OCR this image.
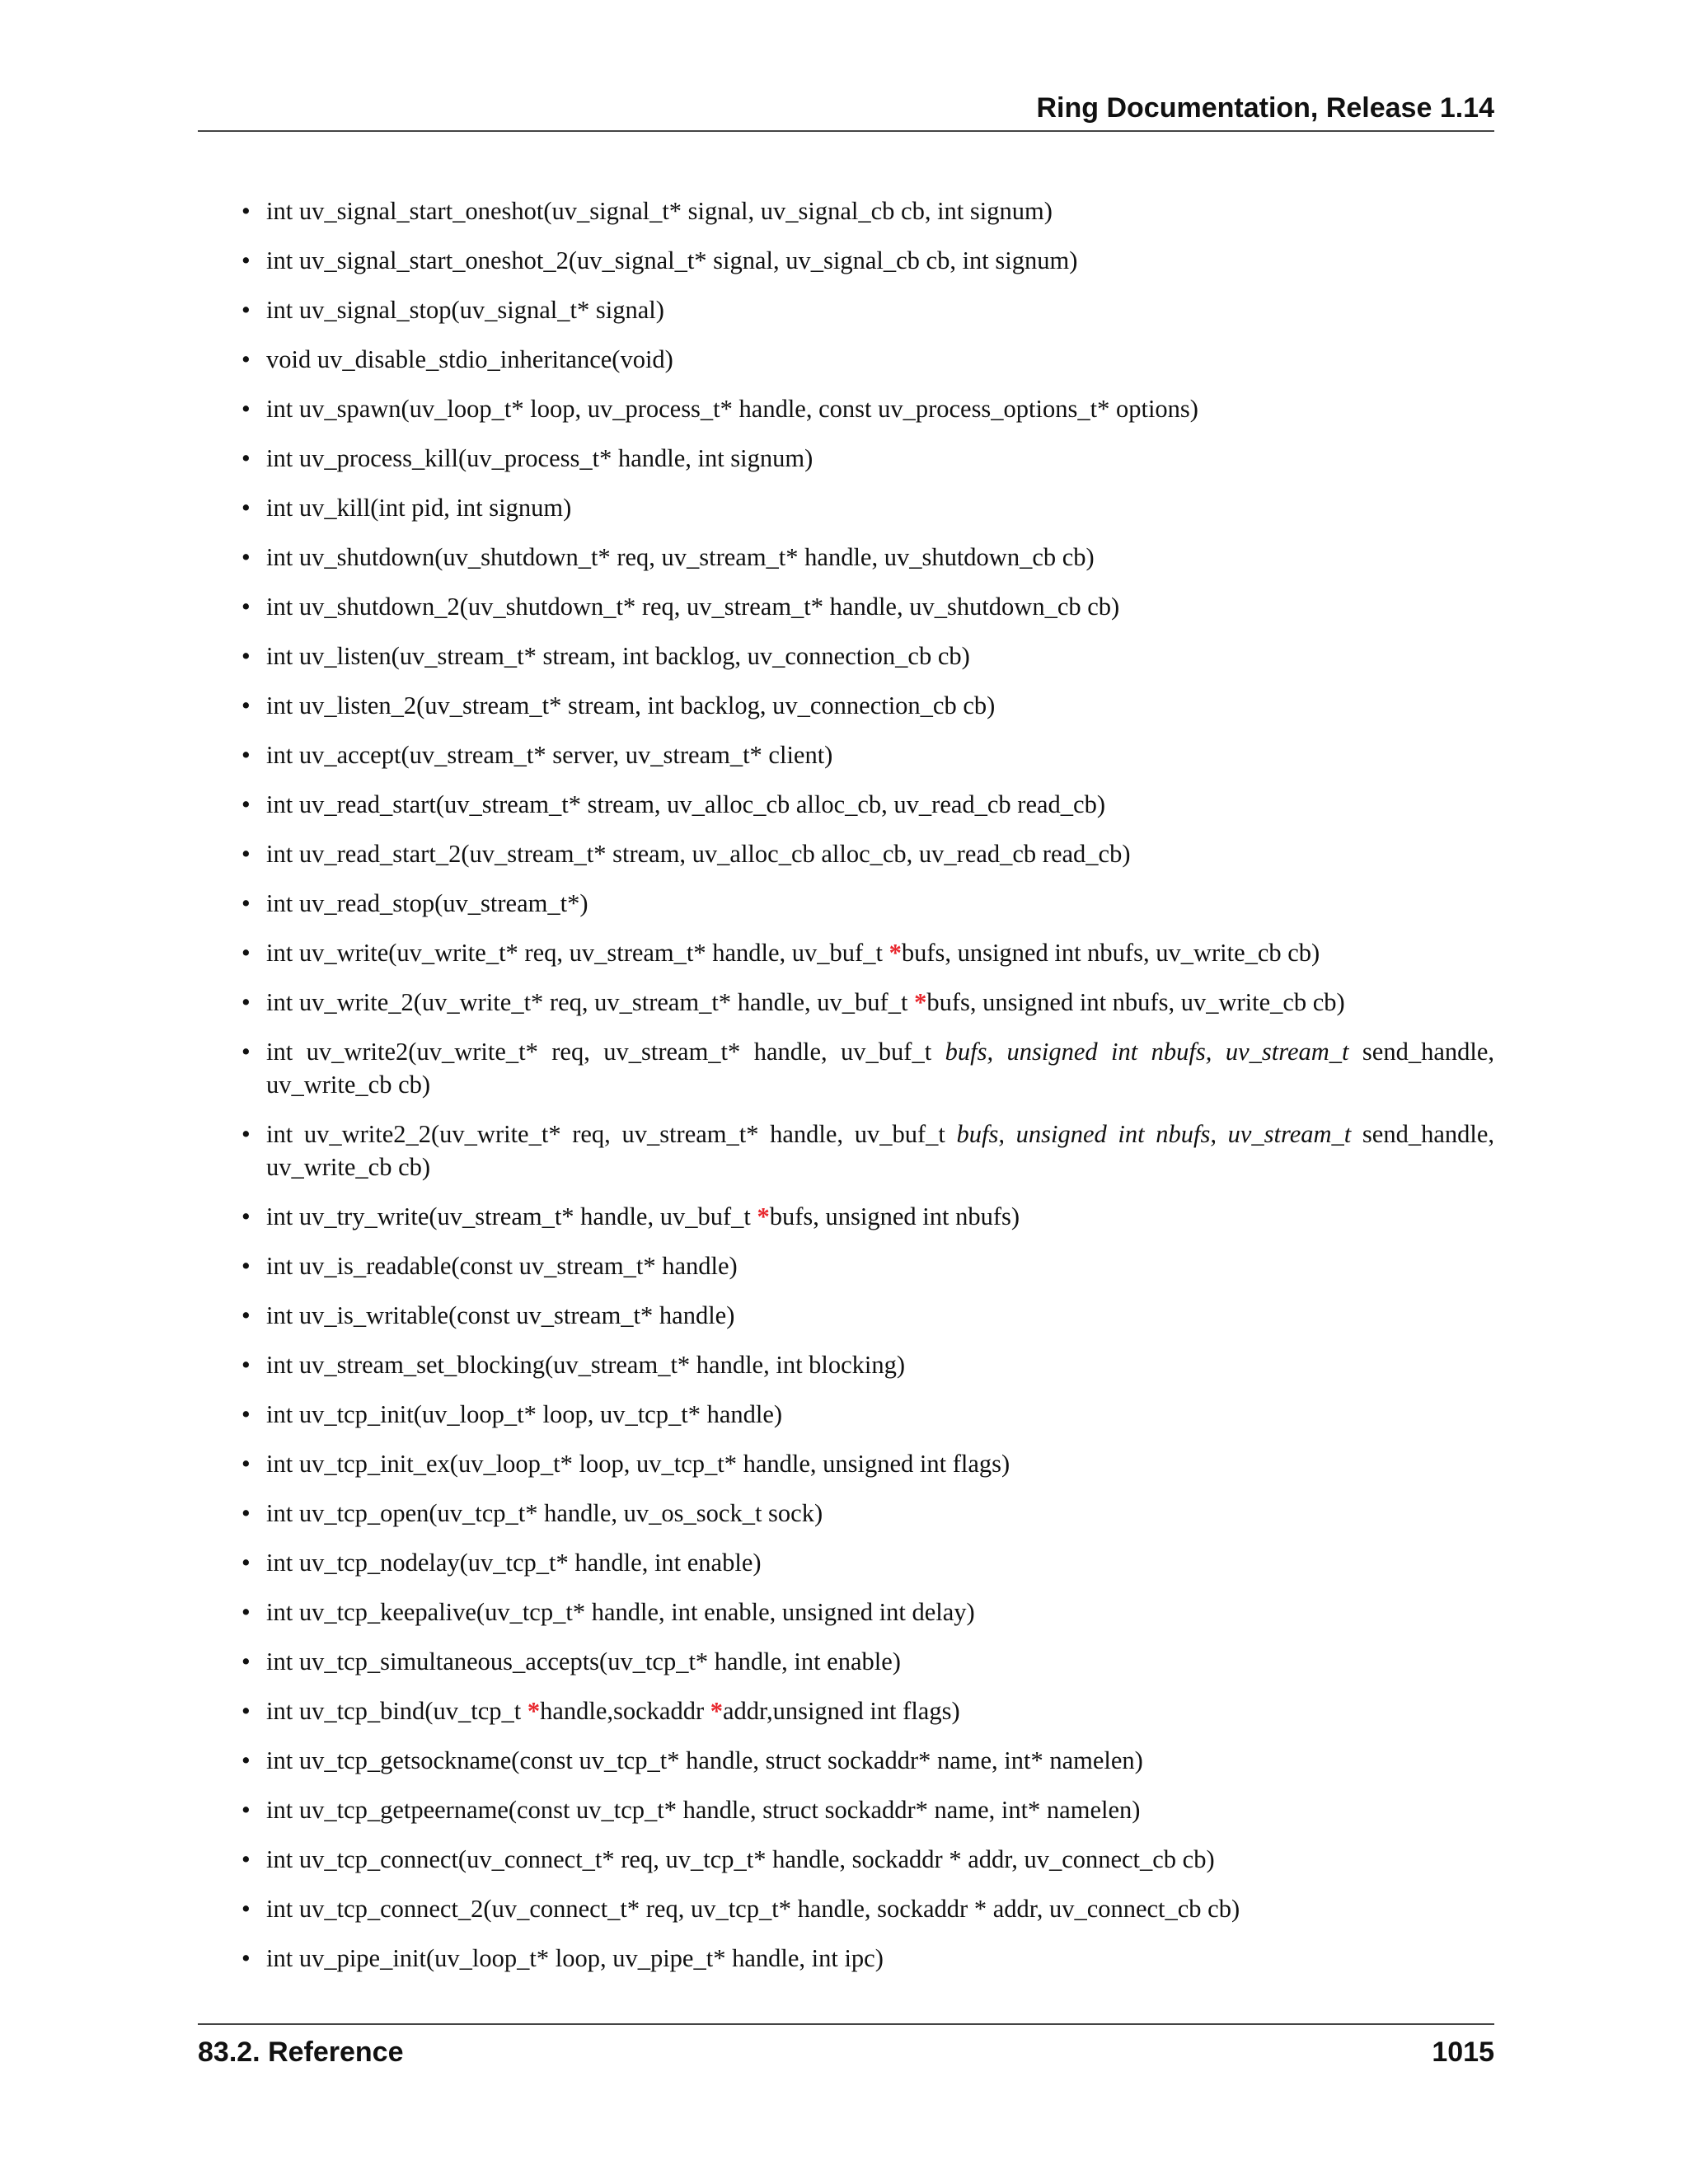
Ring Documentation, Release 1.14
• int uv_signal_start_oneshot(uv_signal_t* signal, uv_signal_cb cb, int signum)
• int uv_signal_start_oneshot_2(uv_signal_t* signal, uv_signal_cb cb, int signum)
• int uv_signal_stop(uv_signal_t* signal)
• void uv_disable_stdio_inheritance(void)
• int uv_spawn(uv_loop_t* loop, uv_process_t* handle, const uv_process_options_t* options)
• int uv_process_kill(uv_process_t* handle, int signum)
• int uv_kill(int pid, int signum)
• int uv_shutdown(uv_shutdown_t* req, uv_stream_t* handle, uv_shutdown_cb cb)
• int uv_shutdown_2(uv_shutdown_t* req, uv_stream_t* handle, uv_shutdown_cb cb)
• int uv_listen(uv_stream_t* stream, int backlog, uv_connection_cb cb)
• int uv_listen_2(uv_stream_t* stream, int backlog, uv_connection_cb cb)
• int uv_accept(uv_stream_t* server, uv_stream_t* client)
• int uv_read_start(uv_stream_t* stream, uv_alloc_cb alloc_cb, uv_read_cb read_cb)
• int uv_read_start_2(uv_stream_t* stream, uv_alloc_cb alloc_cb, uv_read_cb read_cb)
• int uv_read_stop(uv_stream_t*)
• int uv_write(uv_write_t* req, uv_stream_t* handle, uv_buf_t *bufs, unsigned int nbufs, uv_write_cb cb)
• int uv_write_2(uv_write_t* req, uv_stream_t* handle, uv_buf_t *bufs, unsigned int nbufs, uv_write_cb cb)
• int uv_write2(uv_write_t* req, uv_stream_t* handle, uv_buf_t bufs, unsigned int nbufs, uv_stream_t send_handle, uv_write_cb cb)
• int uv_write2_2(uv_write_t* req, uv_stream_t* handle, uv_buf_t bufs, unsigned int nbufs, uv_stream_t send_handle, uv_write_cb cb)
• int uv_try_write(uv_stream_t* handle, uv_buf_t *bufs, unsigned int nbufs)
• int uv_is_readable(const uv_stream_t* handle)
• int uv_is_writable(const uv_stream_t* handle)
• int uv_stream_set_blocking(uv_stream_t* handle, int blocking)
• int uv_tcp_init(uv_loop_t* loop, uv_tcp_t* handle)
• int uv_tcp_init_ex(uv_loop_t* loop, uv_tcp_t* handle, unsigned int flags)
• int uv_tcp_open(uv_tcp_t* handle, uv_os_sock_t sock)
• int uv_tcp_nodelay(uv_tcp_t* handle, int enable)
• int uv_tcp_keepalive(uv_tcp_t* handle, int enable, unsigned int delay)
• int uv_tcp_simultaneous_accepts(uv_tcp_t* handle, int enable)
• int uv_tcp_bind(uv_tcp_t *handle,sockaddr *addr,unsigned int flags)
• int uv_tcp_getsockname(const uv_tcp_t* handle, struct sockaddr* name, int* namelen)
• int uv_tcp_getpeername(const uv_tcp_t* handle, struct sockaddr* name, int* namelen)
• int uv_tcp_connect(uv_connect_t* req, uv_tcp_t* handle, sockaddr * addr, uv_connect_cb cb)
• int uv_tcp_connect_2(uv_connect_t* req, uv_tcp_t* handle, sockaddr * addr, uv_connect_cb cb)
• int uv_pipe_init(uv_loop_t* loop, uv_pipe_t* handle, int ipc)
83.2. Reference	1015
